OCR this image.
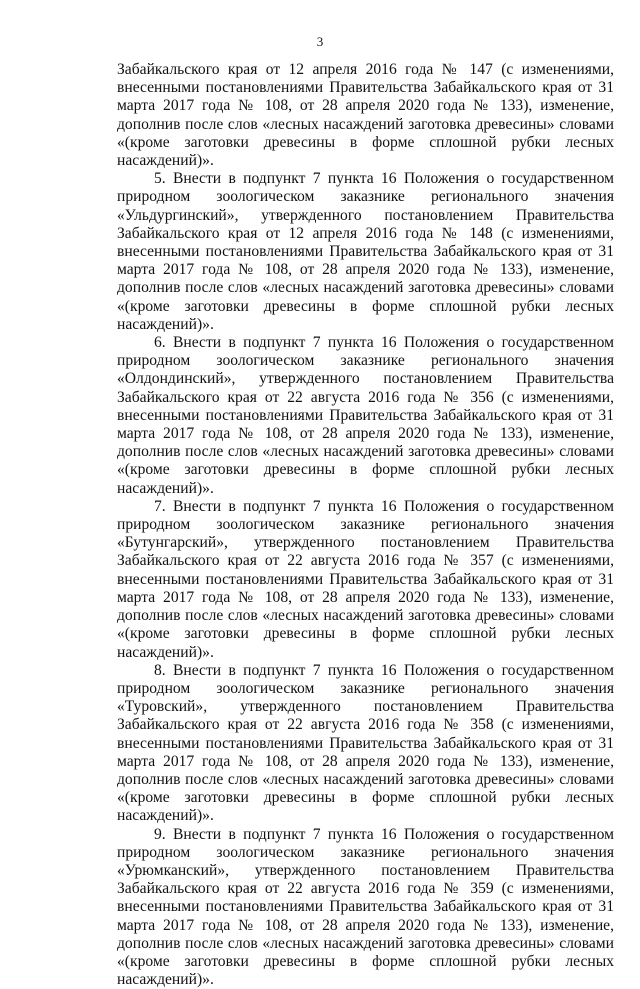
3

Забайкальского края от 12 апреля 2016 года № 147 (с изменениями, внесенными постановлениями Правительства Забайкальского края от 31 марта 2017 года № 108, от 28 апреля 2020 года № 133), изменение, дополнив после слов «лесных насаждений заготовка древесины» словами «(кроме заготовки древесины в форме сплошной рубки лесных насаждений)».

5. Внести в подпункт 7 пункта 16 Положения о государственном природном зоологическом заказнике регионального значения «Ульдургинский», утвержденного постановлением Правительства Забайкальского края от 12 апреля 2016 года № 148 (с изменениями, внесенными постановлениями Правительства Забайкальского края от 31 марта 2017 года № 108, от 28 апреля 2020 года № 133), изменение, дополнив после слов «лесных насаждений заготовка древесины» словами «(кроме заготовки древесины в форме сплошной рубки лесных насаждений)».

6. Внести в подпункт 7 пункта 16 Положения о государственном природном зоологическом заказнике регионального значения «Олдондинский», утвержденного постановлением Правительства Забайкальского края от 22 августа 2016 года № 356 (с изменениями, внесенными постановлениями Правительства Забайкальского края от 31 марта 2017 года № 108, от 28 апреля 2020 года № 133), изменение, дополнив после слов «лесных насаждений заготовка древесины» словами «(кроме заготовки древесины в форме сплошной рубки лесных насаждений)».

7. Внести в подпункт 7 пункта 16 Положения о государственном природном зоологическом заказнике регионального значения «Бутунгарский», утвержденного постановлением Правительства Забайкальского края от 22 августа 2016 года № 357 (с изменениями, внесенными постановлениями Правительства Забайкальского края от 31 марта 2017 года № 108, от 28 апреля 2020 года № 133), изменение, дополнив после слов «лесных насаждений заготовка древесины» словами «(кроме заготовки древесины в форме сплошной рубки лесных насаждений)».

8. Внести в подпункт 7 пункта 16 Положения о государственном природном зоологическом заказнике регионального значения «Туровский», утвержденного постановлением Правительства Забайкальского края от 22 августа 2016 года № 358 (с изменениями, внесенными постановлениями Правительства Забайкальского края от 31 марта 2017 года № 108, от 28 апреля 2020 года № 133), изменение, дополнив после слов «лесных насаждений заготовка древесины» словами «(кроме заготовки древесины в форме сплошной рубки лесных насаждений)».

9. Внести в подпункт 7 пункта 16 Положения о государственном природном зоологическом заказнике регионального значения «Урюмканский», утвержденного постановлением Правительства Забайкальского края от 22 августа 2016 года № 359 (с изменениями, внесенными постановлениями Правительства Забайкальского края от 31 марта 2017 года № 108, от 28 апреля 2020 года № 133), изменение, дополнив после слов «лесных насаждений заготовка древесины» словами «(кроме заготовки древесины в форме сплошной рубки лесных насаждений)».
